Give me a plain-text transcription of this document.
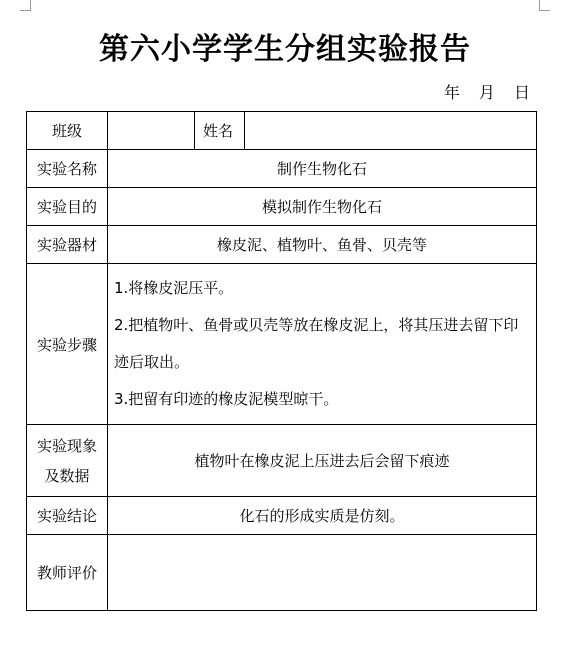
第六小学学生分组实验报告
年 月 日
班级		姓名	
实验名称	制作生物化石		
实验目的	模拟制作生物化石		
实验器材	橡皮泥、植物叶、鱼骨、贝壳等		
实验步骤	1.将橡皮泥压平。
2.把植物叶、鱼骨或贝壳等放在橡皮泥上，将其压进去留下印迹后取出。
3.把留有印迹的橡皮泥模型晾干。		

实验现象
及数据	植物叶在橡皮泥上压进去后会留下痕迹		
实验结论	化石的形成实质是仿刻。		
教师评价			
